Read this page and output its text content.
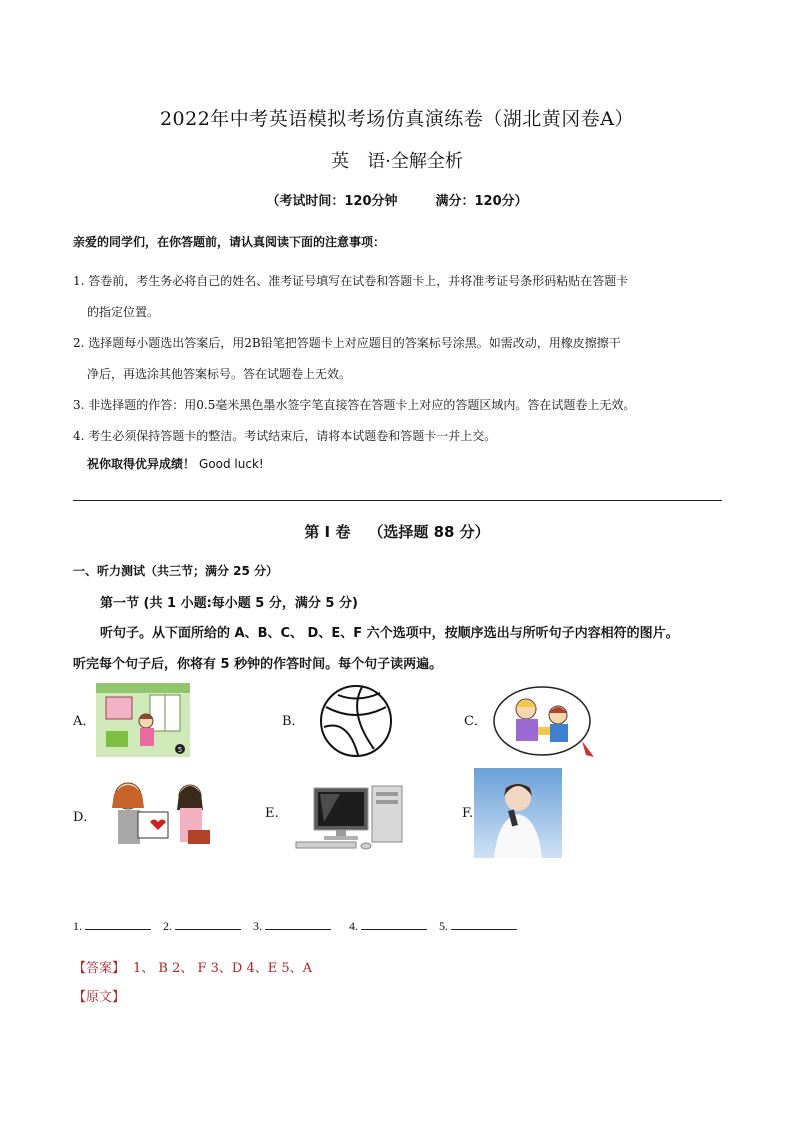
2022年中考英语模拟考场仿真演练卷（湖北黄冈卷A）
英 语·全解全析
（考试时间：120分钟	满分：120分）
亲爱的同学们，在你答题前，请认真阅读下面的注意事项：
1. 答卷前，考生务必将自己的姓名、准考证号填写在试卷和答题卡上，并将准考证号条形码粘贴在答题卡
的指定位置。
2. 选择题每小题选出答案后，用2B铅笔把答题卡上对应题目的答案标号涂黑。如需改动，用橡皮擦擦干
净后，再选涂其他答案标号。答在试题卷上无效。
3. 非选择题的作答：用0.5毫米黑色墨水签字笔直接答在答题卡上对应的答题区域内。答在试题卷上无效。
4. 考生必须保持答题卡的整洁。考试结束后，请将本试题卷和答题卡一并上交。
祝你取得优异成绩！ Good luck!
第 I 卷 （选择题 88 分）
一、听力测试（共三节；满分 25 分）
第一节 (共 1 小题:每小题 5 分，满分 5 分)
听句子。从下面所给的 A、B、C、 D、E、F 六个选项中，按顺序选出与所听句子内容相符的图片。
听完每个句子后，你将有 5 秒钟的作答时间。每个句子读两遍。
A．
5
B．	C．
D．	E.	F.
1.	2.	3.	4.	5.
【答案】 1、 B 2、 F 3、D 4、E 5、A
【原文】
